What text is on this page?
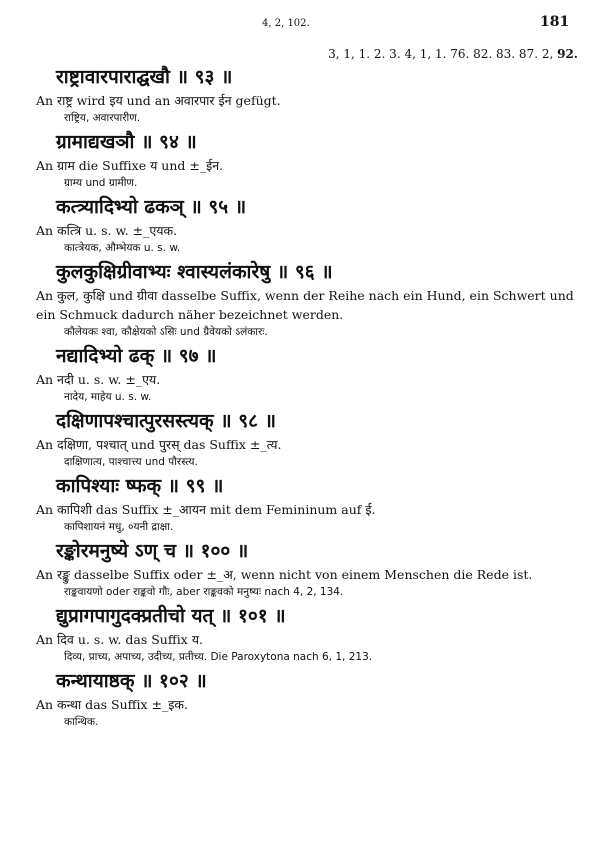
4, 2, 102.	181
3, 1, 1. 2. 3. 4, 1, 1. 76. 82. 83. 87. 2, 92.

राष्ट्रावारपाराद्घखौ ॥ ९३ ॥

An राष्ट्र wird इय und an अवारपार ईन gefügt.

राष्ट्रिय, अवारपारीण.

ग्रामाद्यखञौ ॥ ९४ ॥

An ग्राम die Suffixe य und ±_ईन.

ग्राम्य und ग्रामीण.

कत्त्र्यादिभ्यो ढकञ् ॥ ९५ ॥

An कत्त्रि u. s. w. ±_एयक.

कात्त्रेयक, औम्भेयक u. s. w.

कुलकुक्षिग्रीवाभ्यः श्वास्यलंकारेषु ॥ ९६ ॥

An कुल, कुक्षि und ग्रीवा dasselbe Suffix, wenn der Reihe nach ein Hund, ein Schwert und ein Schmuck dadurch näher bezeichnet werden.

कौलेयकः श्वा, कौक्षेयको ऽसिः und ग्रैवेयको ऽलंकारः.

नद्यादिभ्यो ढक् ॥ ९७ ॥

An नदी u. s. w. ±_एय.

नादेय, माहेय u. s. w.

दक्षिणापश्चात्पुरसस्त्यक् ॥ ९८ ॥

An दक्षिणा, पश्चात् und पुरस् das Suffix ±_त्य.

दाक्षिणात्य, पाश्चात्त्य und पौरस्त्य.

कापिश्याः ष्फक् ॥ ९९ ॥

An कापिशी das Suffix ±_आयन mit dem Femininum auf ई.

कापिशायनं मधु, ०यनी द्राक्षा.

रङ्कोरमनुष्ये ऽण् च ॥ १०० ॥

An रङ्कु dasselbe Suffix oder ±_अ, wenn nicht von einem Menschen die Rede ist.

राङ्कवायणो oder राङ्कवो गौः, aber राङ्कवको मनुष्यः nach 4, 2, 134.

द्युप्रागपागुदक्प्रतीचो यत् ॥ १०१ ॥

An दिव u. s. w. das Suffix य.

दिव्य, प्राच्य, अपाच्य, उदीच्य, प्रतीच्य. Die Paroxytona nach 6, 1, 213.

कन्थायाष्ठक् ॥ १०२ ॥

An कन्था das Suffix ±_इक.

कान्थिक.
